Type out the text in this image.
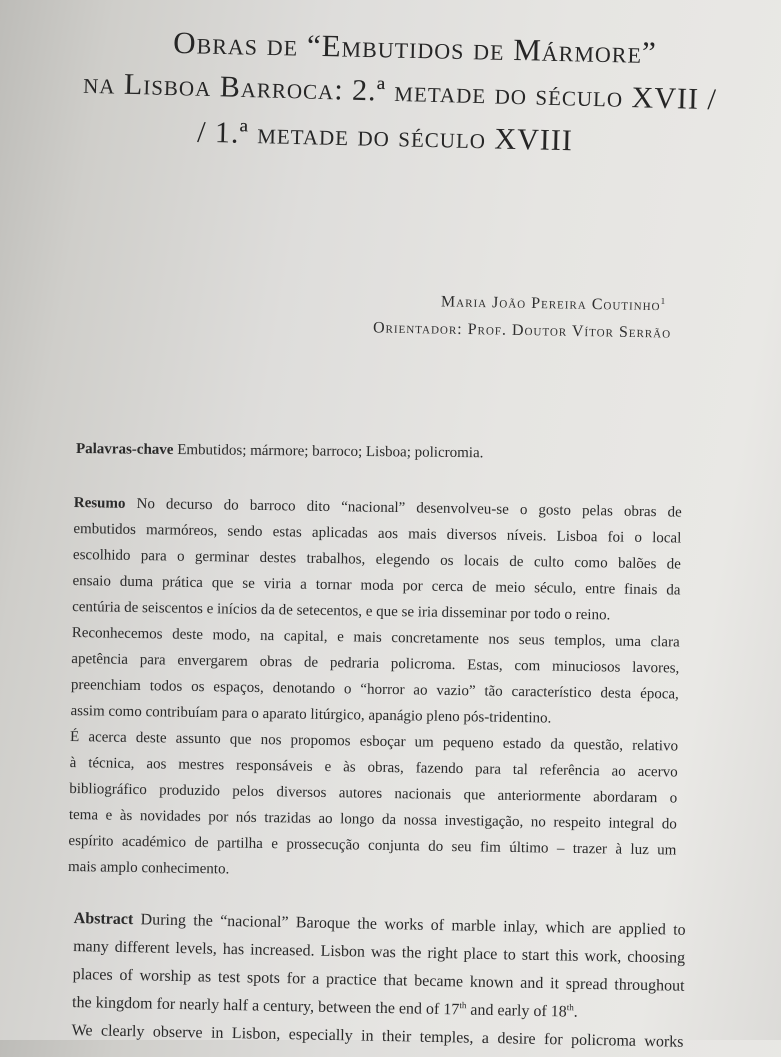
Obras de “Embutidos de Mármore”
na Lisboa Barroca: 2.ª metade do século XVII /
/ 1.ª metade do século XVIII
Maria João Pereira Coutinho$^1$
Orientador: Prof. Doutor Vítor Serrão
Palavras-chave Embutidos; mármore; barroco; Lisboa; policromia.
Resumo No decurso do barroco dito “nacional” desenvolveu-se o gosto pelas obras de
embutidos marmóreos, sendo estas aplicadas aos mais diversos níveis. Lisboa foi o local
escolhido para o germinar destes trabalhos, elegendo os locais de culto como balões de
ensaio duma prática que se viria a tornar moda por cerca de meio século, entre finais da
centúria de seiscentos e inícios da de setecentos, e que se iria disseminar por todo o reino.
Reconhecemos deste modo, na capital, e mais concretamente nos seus templos, uma clara
apetência para envergarem obras de pedraria policroma. Estas, com minuciosos lavores,
preenchiam todos os espaços, denotando o “horror ao vazio” tão característico desta época,
assim como contribuíam para o aparato litúrgico, apanágio pleno pós-tridentino.
É acerca deste assunto que nos propomos esboçar um pequeno estado da questão, relativo
à técnica, aos mestres responsáveis e às obras, fazendo para tal referência ao acervo
bibliográfico produzido pelos diversos autores nacionais que anteriormente abordaram o
tema e às novidades por nós trazidas ao longo da nossa investigação, no respeito integral do
espírito académico de partilha e prossecução conjunta do seu fim último – trazer à luz um
mais amplo conhecimento.
Abstract During the “nacional” Baroque the works of marble inlay, which are applied to
many different levels, has increased. Lisbon was the right place to start this work, choosing
places of worship as test spots for a practice that became known and it spread throughout
the kingdom for nearly half a century, between the end of 17th and early of 18th.
We clearly observe in Lisbon, especially in their temples, a desire for policroma works
